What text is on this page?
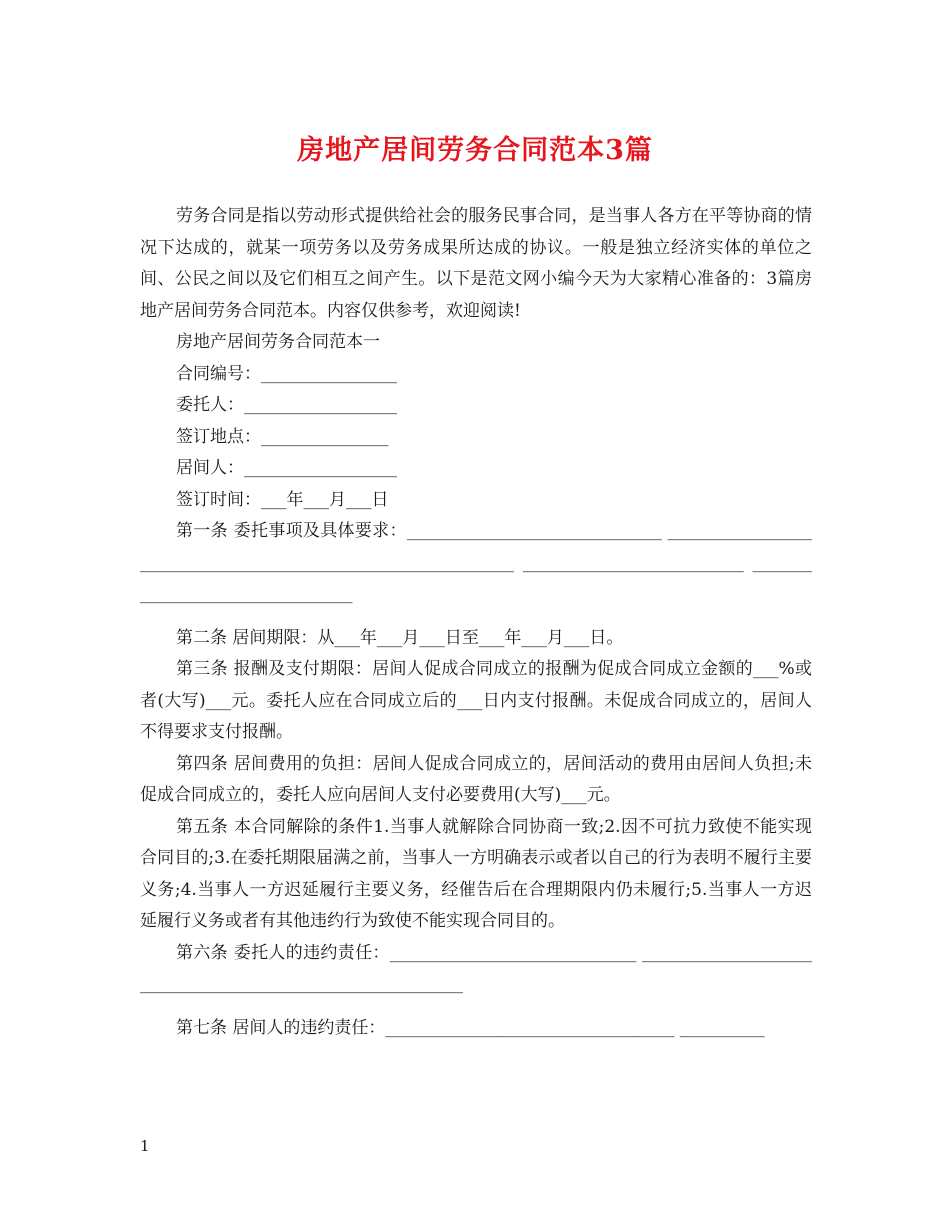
房地产居间劳务合同范本3篇

劳务合同是指以劳动形式提供给社会的服务民事合同，是当事人各方在平等协商的情况下达成的，就某一项劳务以及劳务成果所达成的协议。一般是独立经济实体的单位之间、公民之间以及它们相互之间产生。以下是范文网小编今天为大家精心准备的：3篇房地产居间劳务合同范本。内容仅供参考，欢迎阅读!

房地产居间劳务合同范本一

合同编号：________________

委托人：__________________

签订地点：_______________

居间人：__________________

签订时间：___年___月___日

第一条 委托事项及具体要求：______________________________ _____________________________________________________________ __________________________ ________________________________

第二条 居间期限：从___年___月___日至___年___月___日。

第三条 报酬及支付期限：居间人促成合同成立的报酬为促成合同成立金额的___%或者(大写)___元。委托人应在合同成立后的___日内支付报酬。未促成合同成立的，居间人不得要求支付报酬。

第四条 居间费用的负担：居间人促成合同成立的，居间活动的费用由居间人负担;未促成合同成立的，委托人应向居间人支付必要费用(大写)___元。

第五条 本合同解除的条件1.当事人就解除合同协商一致;2.因不可抗力致使不能实现合同目的;3.在委托期限届满之前，当事人一方明确表示或者以自己的行为表明不履行主要义务;4.当事人一方迟延履行主要义务，经催告后在合理期限内仍未履行;5.当事人一方迟延履行义务或者有其他违约行为致使不能实现合同目的。

第六条 委托人的违约责任：_____________________________ __________________________________________________________

第七条 居间人的违约责任：__________________________________ __________

1
